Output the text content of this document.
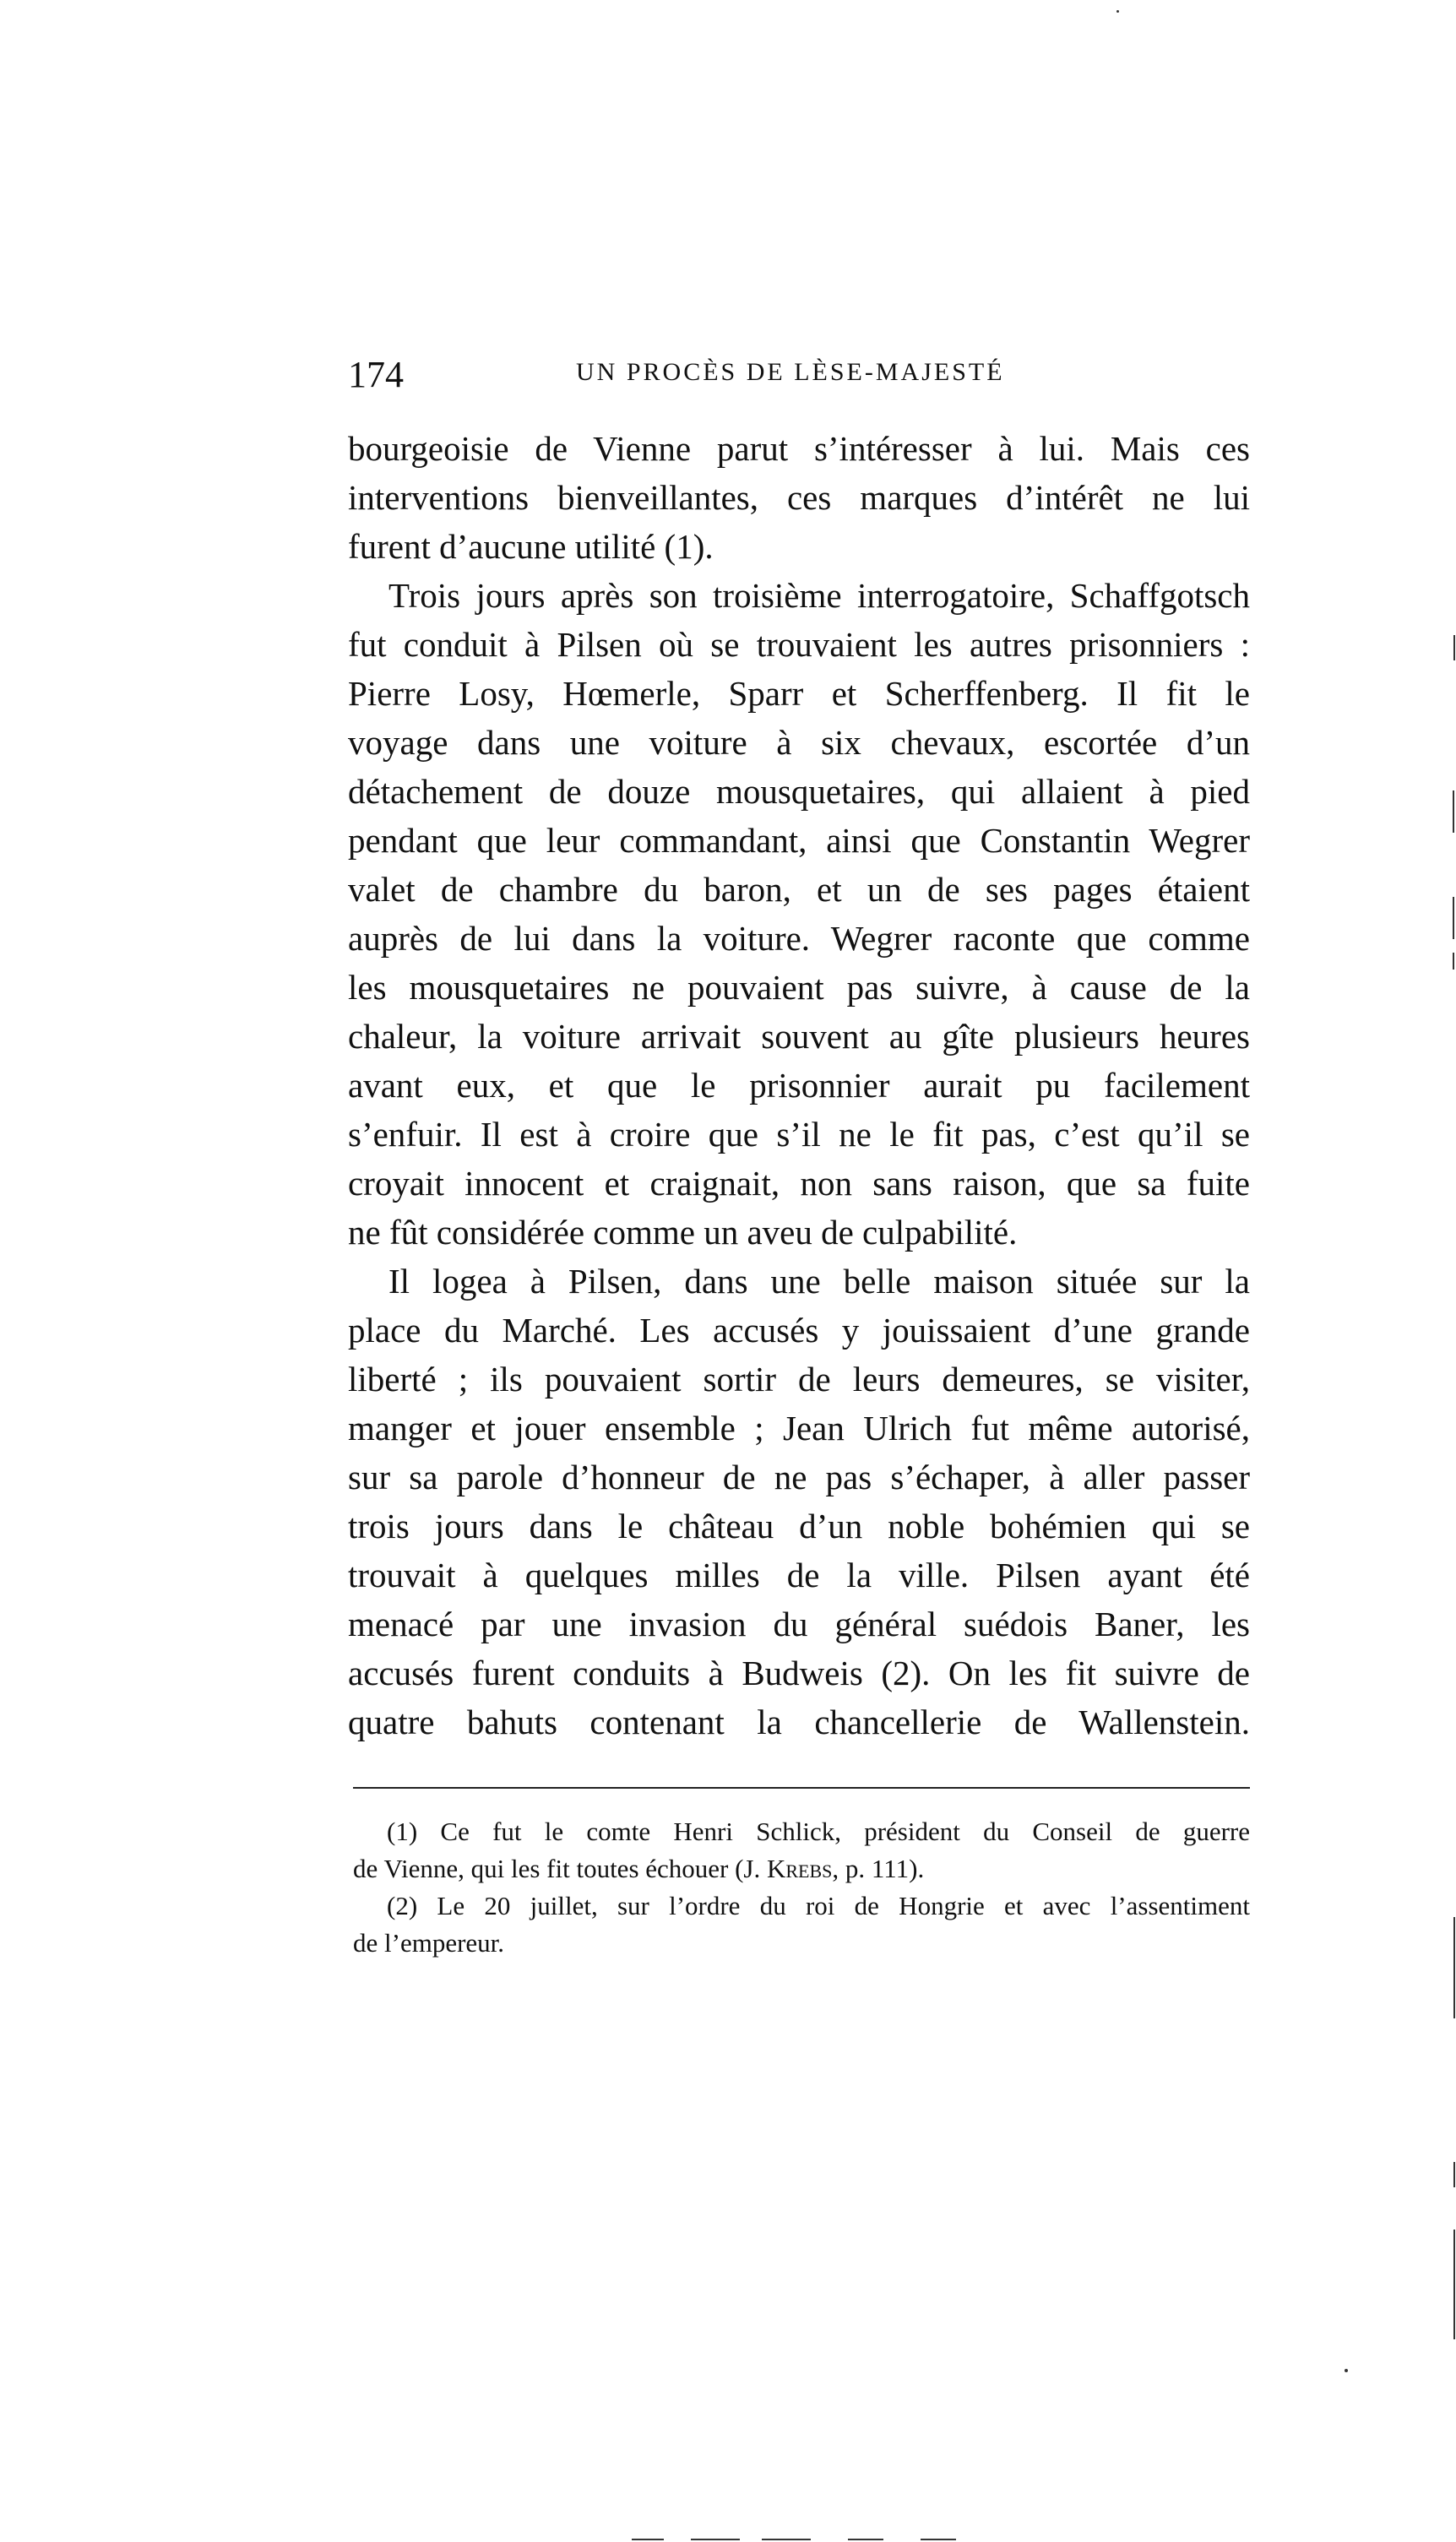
174	UN PROCÈS DE LÈSE-MAJESTÉ
bourgeoisie de Vienne parut s’intéresser à lui. Mais ces
interventions bienveillantes, ces marques d’intérêt ne lui
furent d’aucune utilité (1).
Trois jours après son troisième interrogatoire, Schaffgotsch
fut conduit à Pilsen où se trouvaient les autres prisonniers :
Pierre Losy, Hœmerle, Sparr et Scherffenberg. Il fit le
voyage dans une voiture à six chevaux, escortée d’un
détachement de douze mousquetaires, qui allaient à pied
pendant que leur commandant, ainsi que Constantin Wegrer
valet de chambre du baron, et un de ses pages étaient
auprès de lui dans la voiture. Wegrer raconte que comme
les mousquetaires ne pouvaient pas suivre, à cause de la
chaleur, la voiture arrivait souvent au gîte plusieurs heures
avant eux, et que le prisonnier aurait pu facilement
s’enfuir. Il est à croire que s’il ne le fit pas, c’est qu’il se
croyait innocent et craignait, non sans raison, que sa fuite
ne fût considérée comme un aveu de culpabilité.
Il logea à Pilsen, dans une belle maison située sur la
place du Marché. Les accusés y jouissaient d’une grande
liberté ; ils pouvaient sortir de leurs demeures, se visiter,
manger et jouer ensemble ; Jean Ulrich fut même autorisé,
sur sa parole d’honneur de ne pas s’échaper, à aller passer
trois jours dans le château d’un noble bohémien qui se
trouvait à quelques milles de la ville. Pilsen ayant été
menacé par une invasion du général suédois Baner, les
accusés furent conduits à Budweis (2). On les fit suivre de
quatre bahuts contenant la chancellerie de Wallenstein.
(1) Ce fut le comte Henri Schlick, président du Conseil de guerre
de Vienne, qui les fit toutes échouer (J. Krebs, p. 111).
(2) Le 20 juillet, sur l’ordre du roi de Hongrie et avec l’assentiment
de l’empereur.
